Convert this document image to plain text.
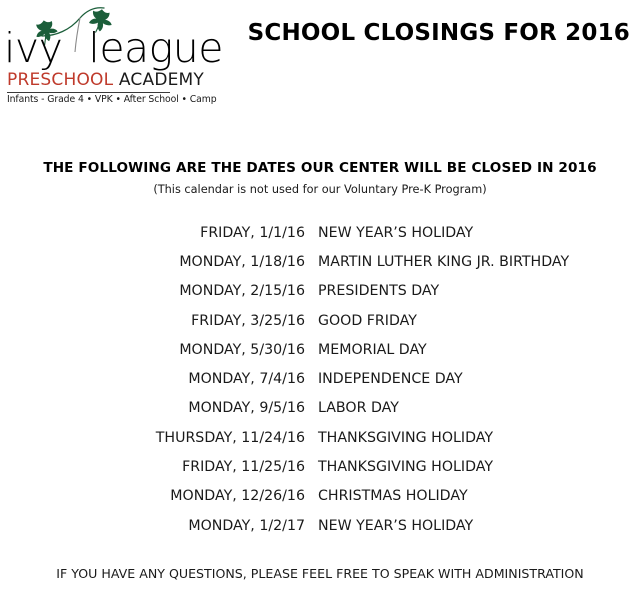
ivy league
PRESCHOOL ACADEMY
Infants - Grade 4 • VPK • After School • Camp
SCHOOL CLOSINGS FOR 2016
THE FOLLOWING ARE THE DATES OUR CENTER WILL BE CLOSED IN 2016
(This calendar is not used for our Voluntary Pre-K Program)
FRIDAY, 1/1/16 NEW YEAR’S HOLIDAY
MONDAY, 1/18/16 MARTIN LUTHER KING JR. BIRTHDAY
MONDAY, 2/15/16 PRESIDENTS DAY
FRIDAY, 3/25/16 GOOD FRIDAY
MONDAY, 5/30/16 MEMORIAL DAY
MONDAY, 7/4/16 INDEPENDENCE DAY
MONDAY, 9/5/16 LABOR DAY
THURSDAY, 11/24/16 THANKSGIVING HOLIDAY
FRIDAY, 11/25/16 THANKSGIVING HOLIDAY
MONDAY, 12/26/16 CHRISTMAS HOLIDAY
MONDAY, 1/2/17 NEW YEAR’S HOLIDAY
IF YOU HAVE ANY QUESTIONS, PLEASE FEEL FREE TO SPEAK WITH ADMINISTRATION
